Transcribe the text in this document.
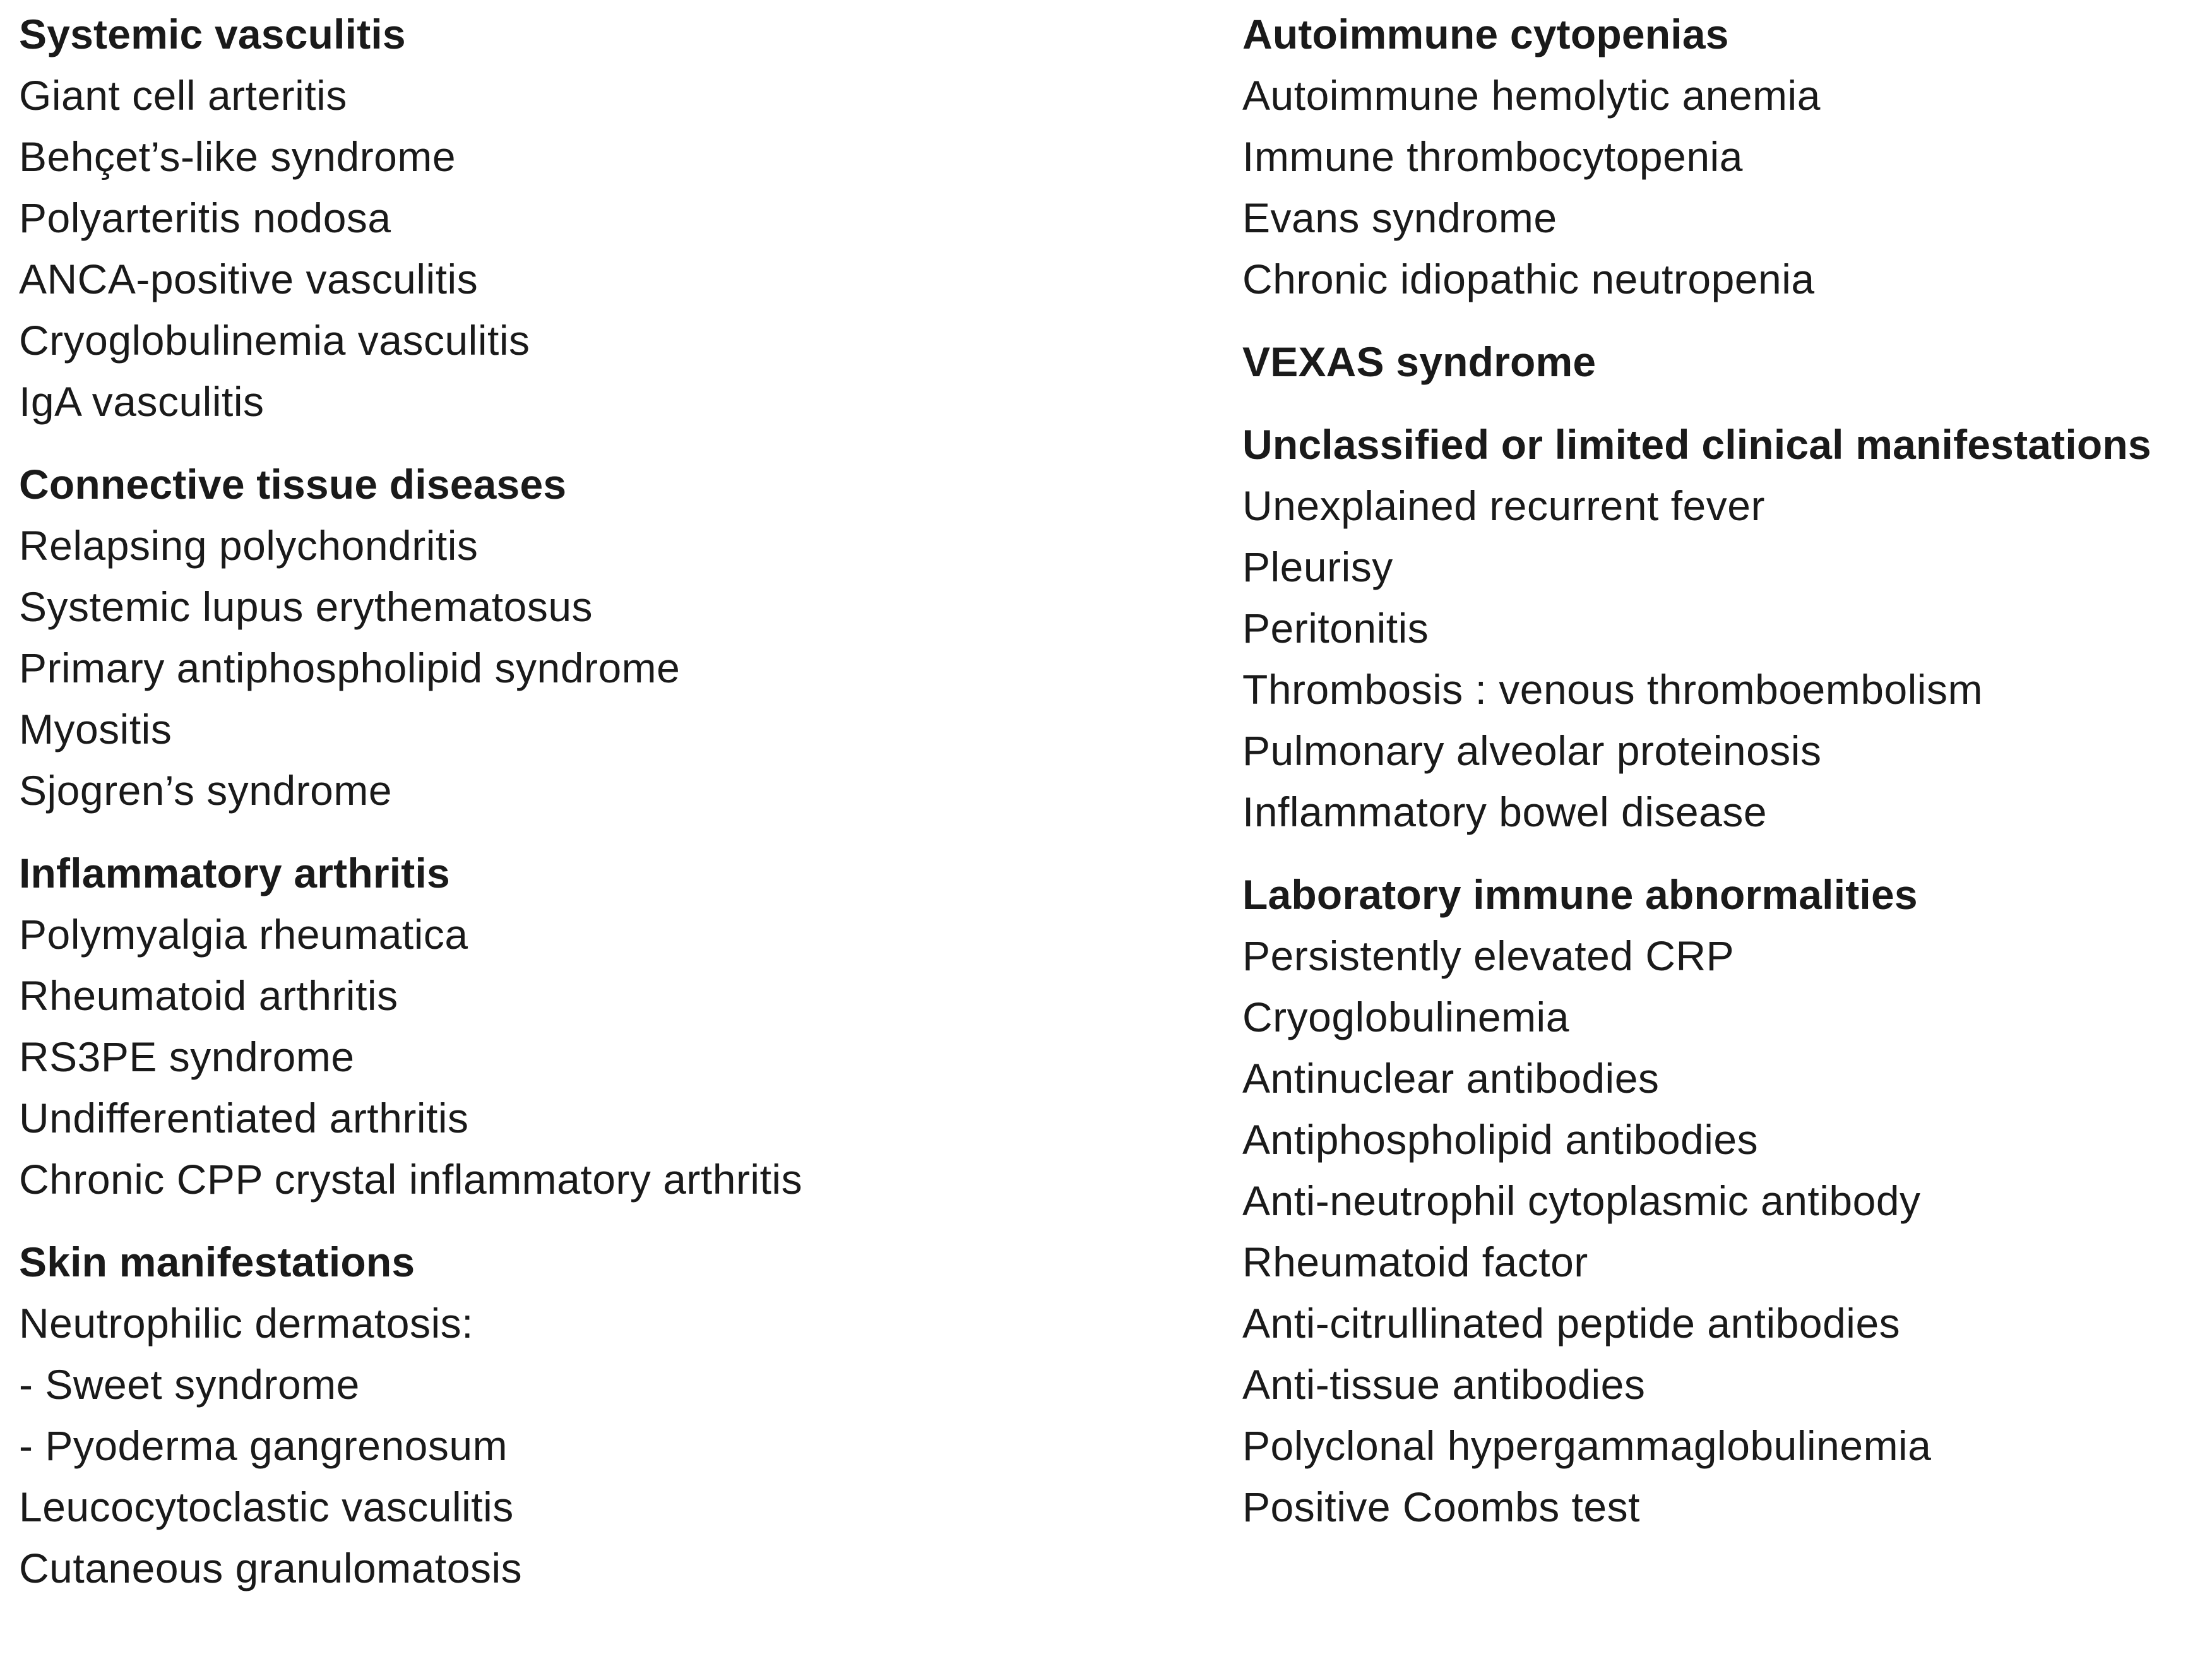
Systemic vasculitis
Giant cell arteritis
Behçet’s-like syndrome
Polyarteritis nodosa
ANCA-positive vasculitis
Cryoglobulinemia vasculitis
IgA vasculitis
Connective tissue diseases
Relapsing polychondritis
Systemic lupus erythematosus
Primary antiphospholipid syndrome
Myositis
Sjogren’s syndrome
Inflammatory arthritis
Polymyalgia rheumatica
Rheumatoid arthritis
RS3PE syndrome
Undifferentiated arthritis
Chronic CPP crystal inflammatory arthritis
Skin manifestations
Neutrophilic dermatosis:
- Sweet syndrome
- Pyoderma gangrenosum
Leucocytoclastic vasculitis
Cutaneous granulomatosis
Autoimmune cytopenias
Autoimmune hemolytic anemia
Immune thrombocytopenia
Evans syndrome
Chronic idiopathic neutropenia
VEXAS syndrome
Unclassified or limited clinical manifestations
Unexplained recurrent fever
Pleurisy
Peritonitis
Thrombosis : venous thromboembolism
Pulmonary alveolar proteinosis
Inflammatory bowel disease
Laboratory immune abnormalities
Persistently elevated CRP
Cryoglobulinemia
Antinuclear antibodies
Antiphospholipid antibodies
Anti-neutrophil cytoplasmic antibody
Rheumatoid factor
Anti-citrullinated peptide antibodies
Anti-tissue antibodies
Polyclonal hypergammaglobulinemia
Positive Coombs test
